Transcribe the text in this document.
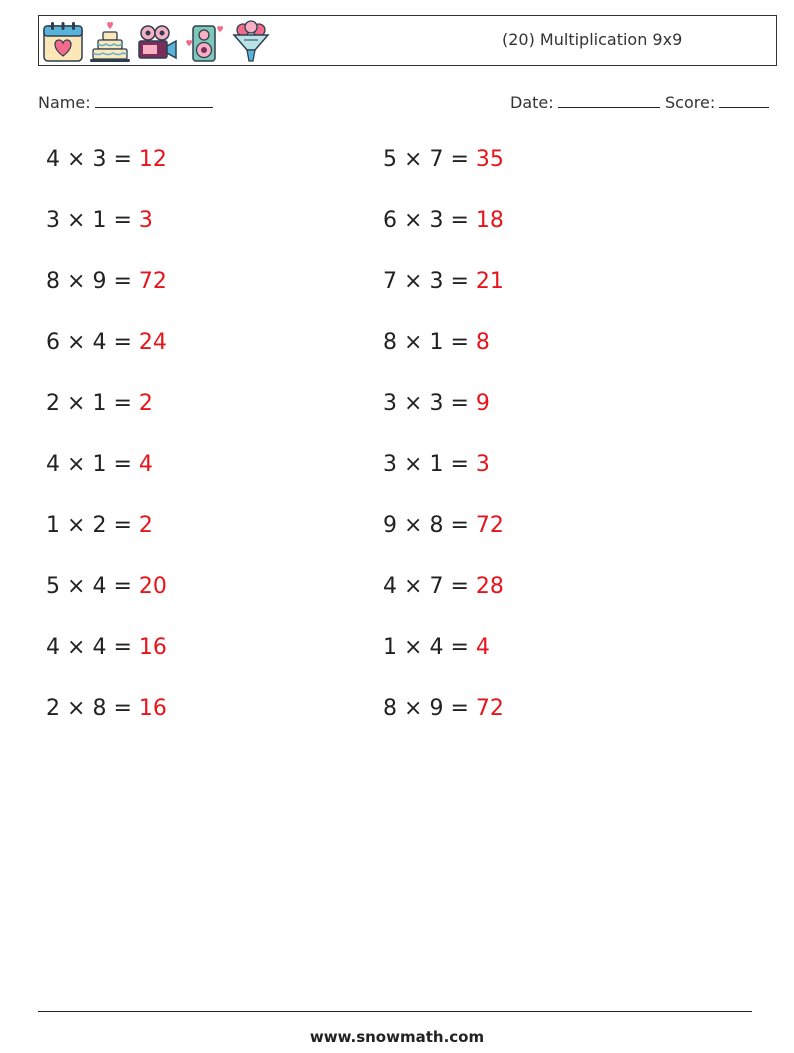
(20) Multiplication 9x9
Name:	Date:	Score:
4 × 3 = 12
3 × 1 = 3
8 × 9 = 72
6 × 4 = 24
2 × 1 = 2
4 × 1 = 4
1 × 2 = 2
5 × 4 = 20
4 × 4 = 16
2 × 8 = 16
5 × 7 = 35
6 × 3 = 18
7 × 3 = 21
8 × 1 = 8
3 × 3 = 9
3 × 1 = 3
9 × 8 = 72
4 × 7 = 28
1 × 4 = 4
8 × 9 = 72
www.snowmath.com
